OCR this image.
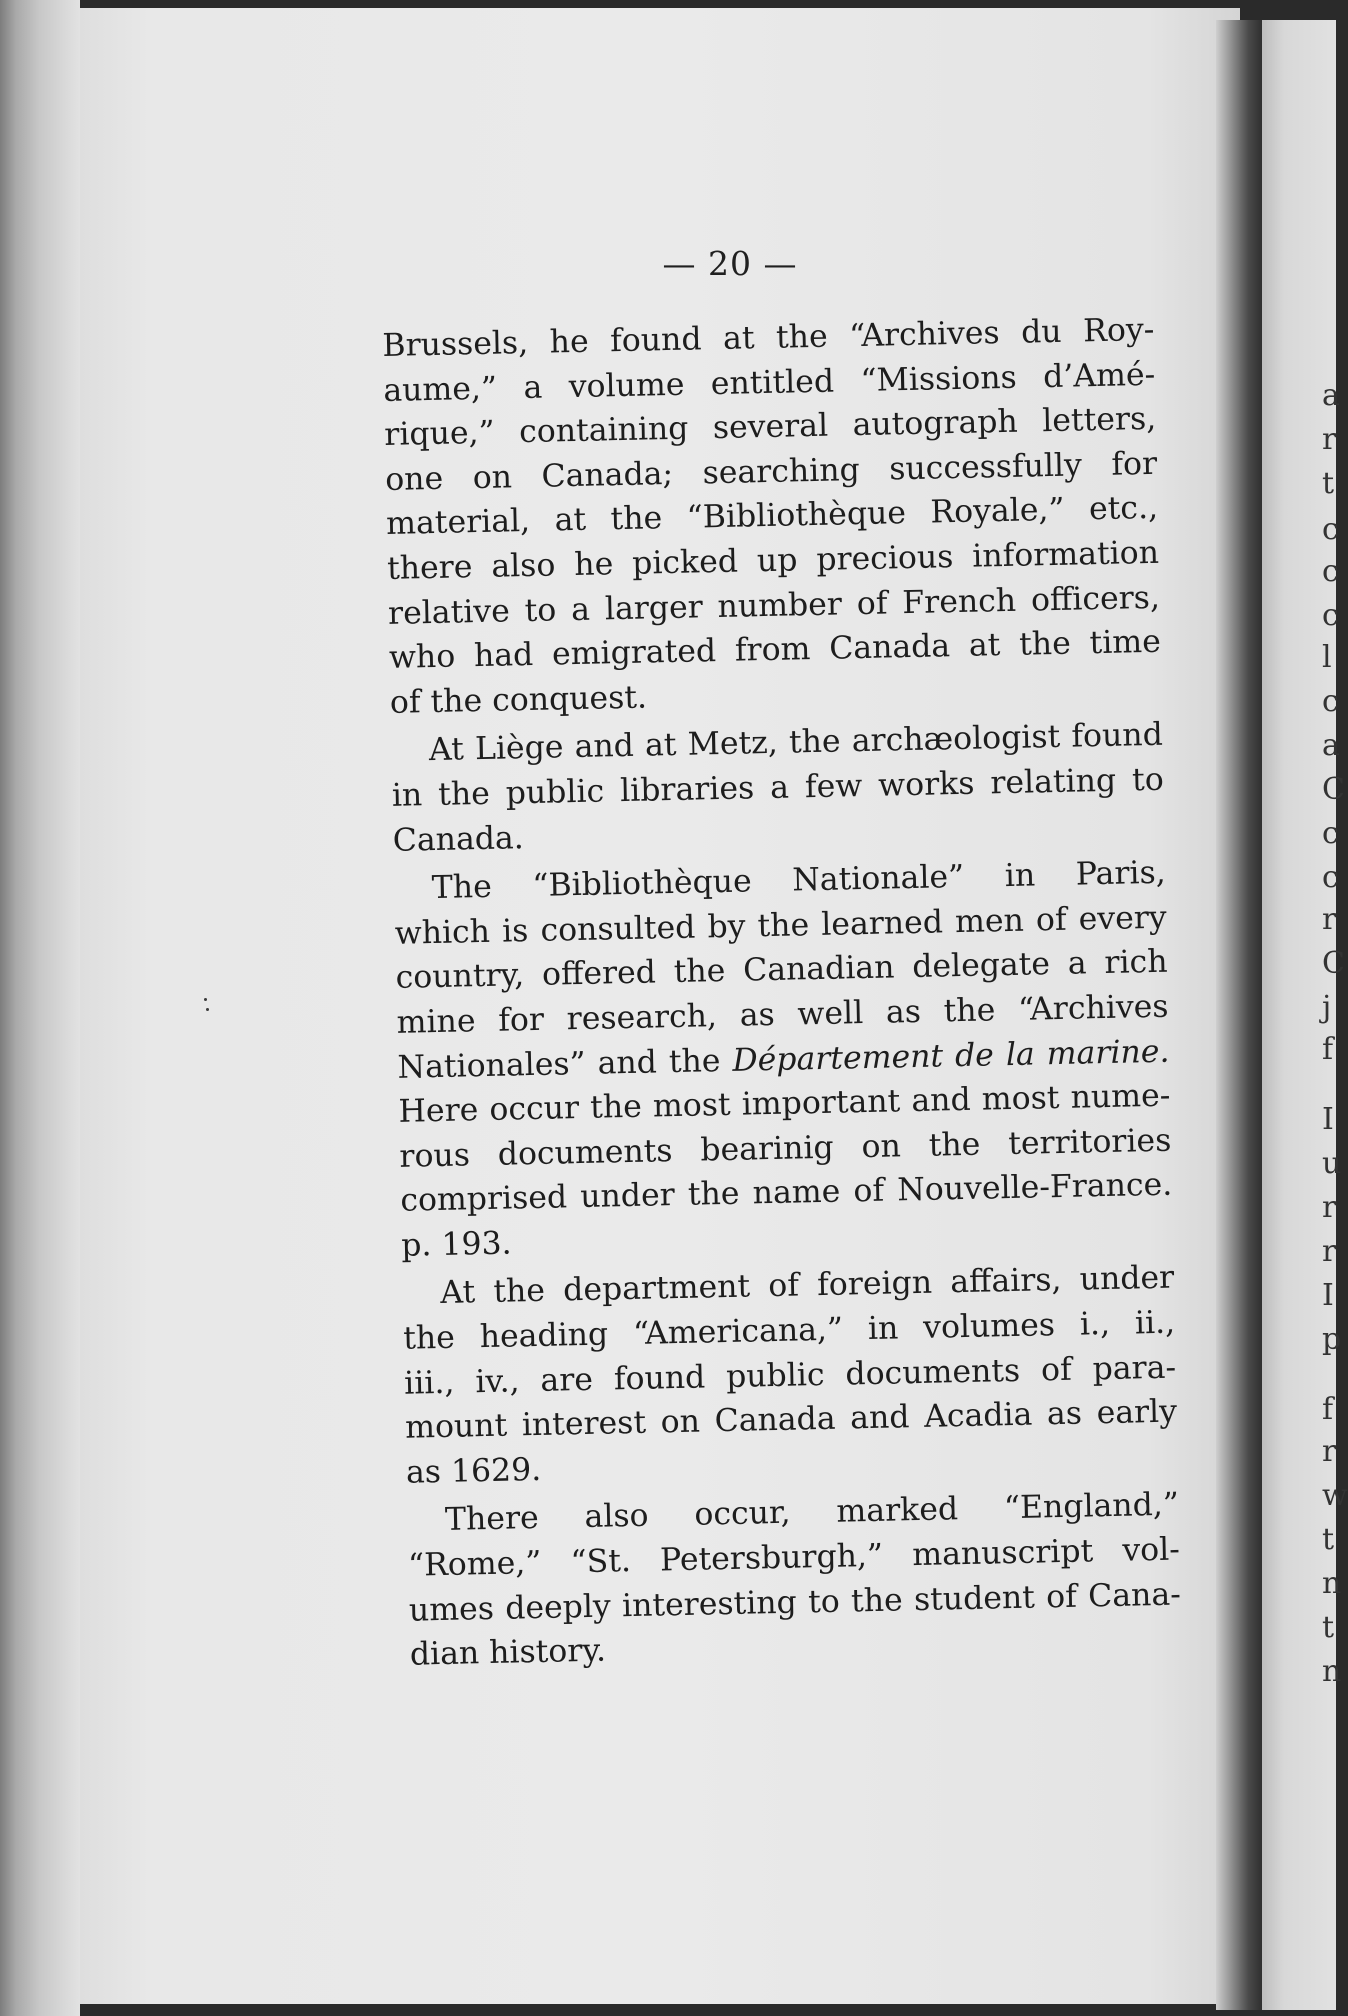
— 20 —
Brussels, he found at the “Archives du Roy-
aume,” a volume entitled “Missions d’Amé-
rique,” containing several autograph letters,
one on Canada; searching successfully for
material, at the “Bibliothèque Royale,” etc.,
there also he picked up precious information
relative to a larger number of French officers,
who had emigrated from Canada at the time
of the conquest.
At Liège and at Metz, the archæologist found
in the public libraries a few works relating to
Canada.
The “Bibliothèque Nationale” in Paris,
which is consulted by the learned men of every
country, offered the Canadian delegate a rich
mine for research, as well as the “Archives
Nationales” and the Département de la marine.
Here occur the most important and most nume-
rous documents bearinig on the territories
comprised under the name of Nouvelle-France.
p. 193.
At the department of foreign affairs, under
the heading “Americana,” in volumes i., ii.,
iii., iv., are found public documents of para-
mount interest on Canada and Acadia as early
as 1629.
There also occur, marked “England,”
“Rome,” “St. Petersburgh,” manuscript vol-
umes deeply interesting to the student of Cana-
dian history.
a
r
t
c
c
c
l
c
a
C
c
c
r
C
j
f
I
u
r
r
I
p
f
r
w
t
n
t
n
